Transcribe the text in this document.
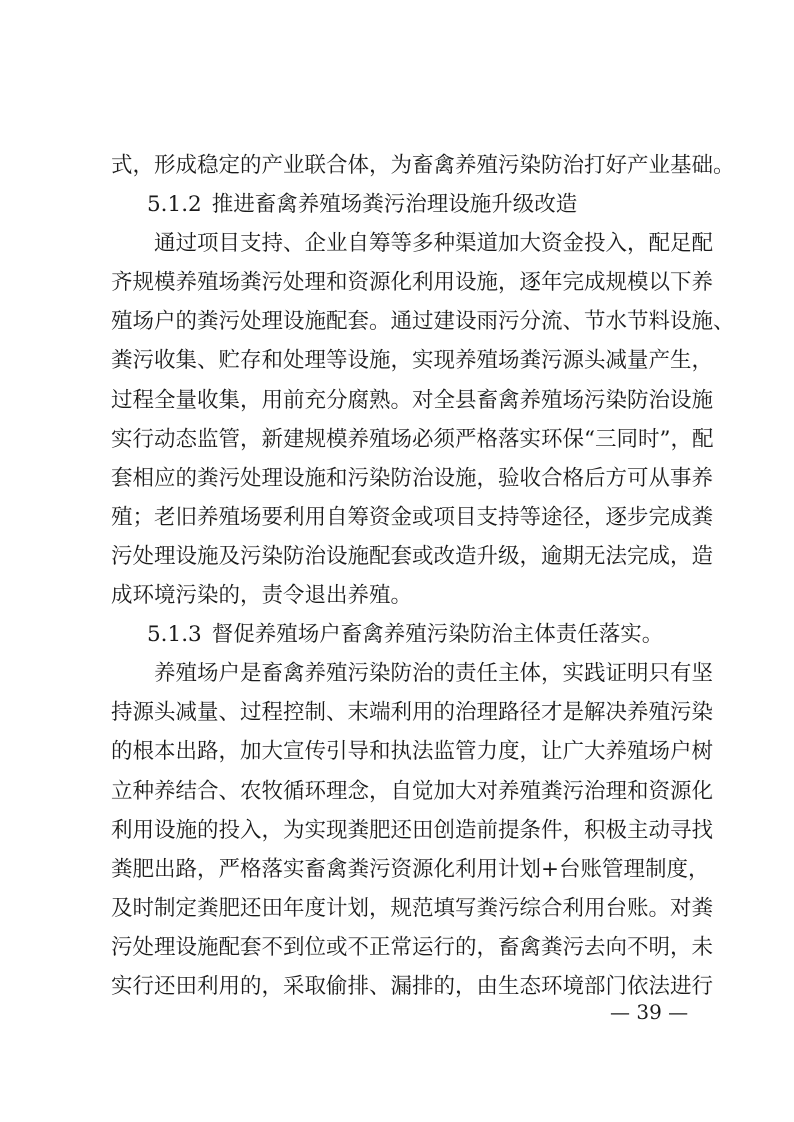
式，形成稳定的产业联合体，为畜禽养殖污染防治打好产业基础。
5.1.2 推进畜禽养殖场粪污治理设施升级改造
通过项目支持、企业自筹等多种渠道加大资金投入，配足配
齐规模养殖场粪污处理和资源化利用设施，逐年完成规模以下养
殖场户的粪污处理设施配套。通过建设雨污分流、节水节料设施、
粪污收集、贮存和处理等设施，实现养殖场粪污源头减量产生，
过程全量收集，用前充分腐熟。对全县畜禽养殖场污染防治设施
实行动态监管，新建规模养殖场必须严格落实环保“三同时”，配
套相应的粪污处理设施和污染防治设施，验收合格后方可从事养
殖；老旧养殖场要利用自筹资金或项目支持等途径，逐步完成粪
污处理设施及污染防治设施配套或改造升级，逾期无法完成，造
成环境污染的，责令退出养殖。
5.1.3 督促养殖场户畜禽养殖污染防治主体责任落实。
养殖场户是畜禽养殖污染防治的责任主体，实践证明只有坚
持源头减量、过程控制、末端利用的治理路径才是解决养殖污染
的根本出路，加大宣传引导和执法监管力度，让广大养殖场户树
立种养结合、农牧循环理念，自觉加大对养殖粪污治理和资源化
利用设施的投入，为实现粪肥还田创造前提条件，积极主动寻找
粪肥出路，严格落实畜禽粪污资源化利用计划+台账管理制度，
及时制定粪肥还田年度计划，规范填写粪污综合利用台账。对粪
污处理设施配套不到位或不正常运行的，畜禽粪污去向不明，未
实行还田利用的，采取偷排、漏排的，由生态环境部门依法进行
— 39 —
